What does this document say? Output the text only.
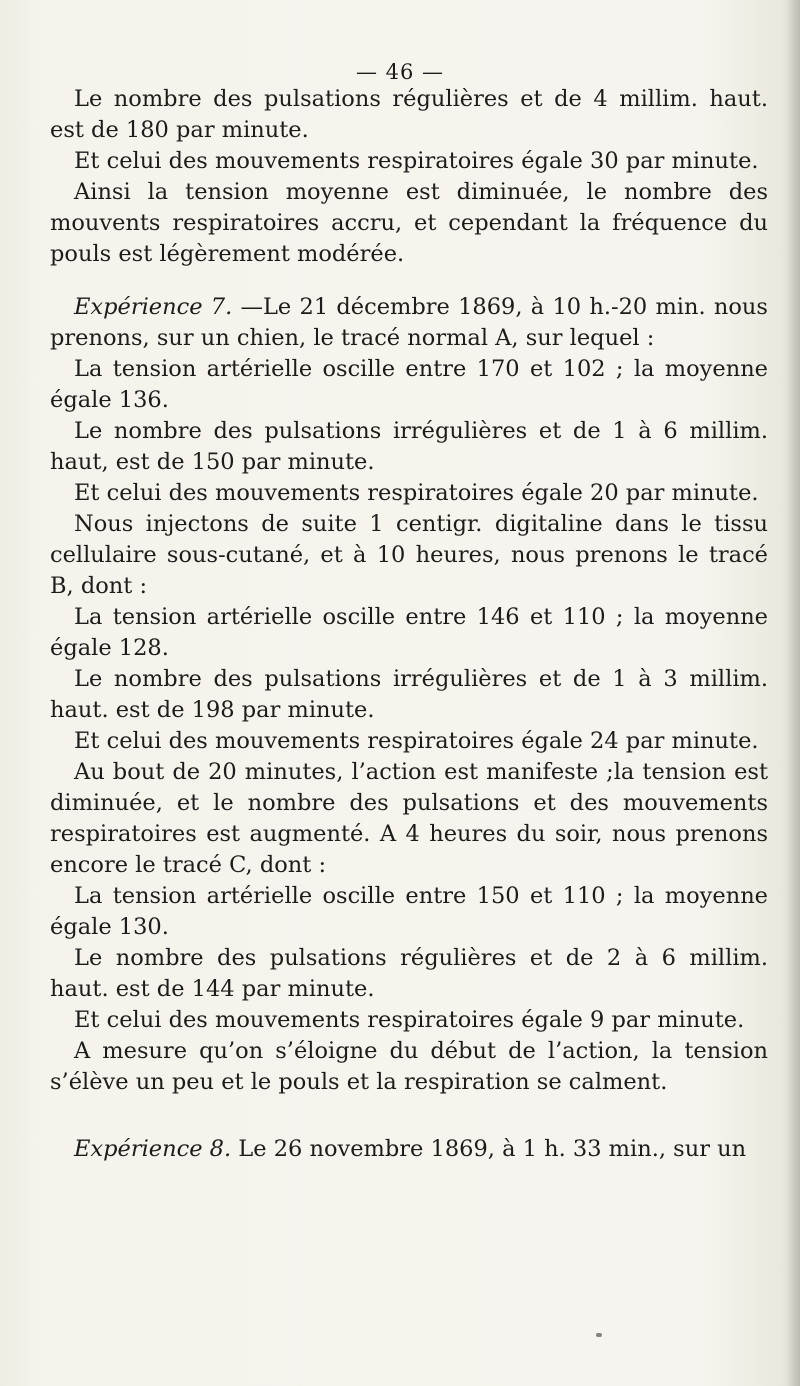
— 46 —

Le nombre des pulsations régulières et de 4 millim. haut. est de 180 par minute.

Et celui des mouvements respiratoires égale 30 par minute.

Ainsi la tension moyenne est diminuée, le nombre des mouvents respiratoires accru, et cependant la fréquence du pouls est légèrement modérée.

Expérience 7. —Le 21 décembre 1869, à 10 h.-20 min. nous prenons, sur un chien, le tracé normal A, sur lequel :

La tension artérielle oscille entre 170 et 102 ; la moyenne égale 136.

Le nombre des pulsations irrégulières et de 1 à 6 millim. haut, est de 150 par minute.

Et celui des mouvements respiratoires égale 20 par minute.

Nous injectons de suite 1 centigr. digitaline dans le tissu cellulaire sous-cutané, et à 10 heures, nous prenons le tracé B, dont :

La tension artérielle oscille entre 146 et 110 ; la moyenne égale 128.

Le nombre des pulsations irrégulières et de 1 à 3 millim. haut. est de 198 par minute.

Et celui des mouvements respiratoires égale 24 par minute.

Au bout de 20 minutes, l’action est manifeste ;la tension est diminuée, et le nombre des pulsations et des mouvements respiratoires est augmenté. A 4 heures du soir, nous prenons encore le tracé C, dont :

La tension artérielle oscille entre 150 et 110 ; la moyenne égale 130.

Le nombre des pulsations régulières et de 2 à 6 millim. haut. est de 144 par minute.

Et celui des mouvements respiratoires égale 9 par minute.

A mesure qu’on s’éloigne du début de l’action, la tension s’élève un peu et le pouls et la respiration se calment.

Expérience 8. Le 26 novembre 1869, à 1 h. 33 min., sur un
